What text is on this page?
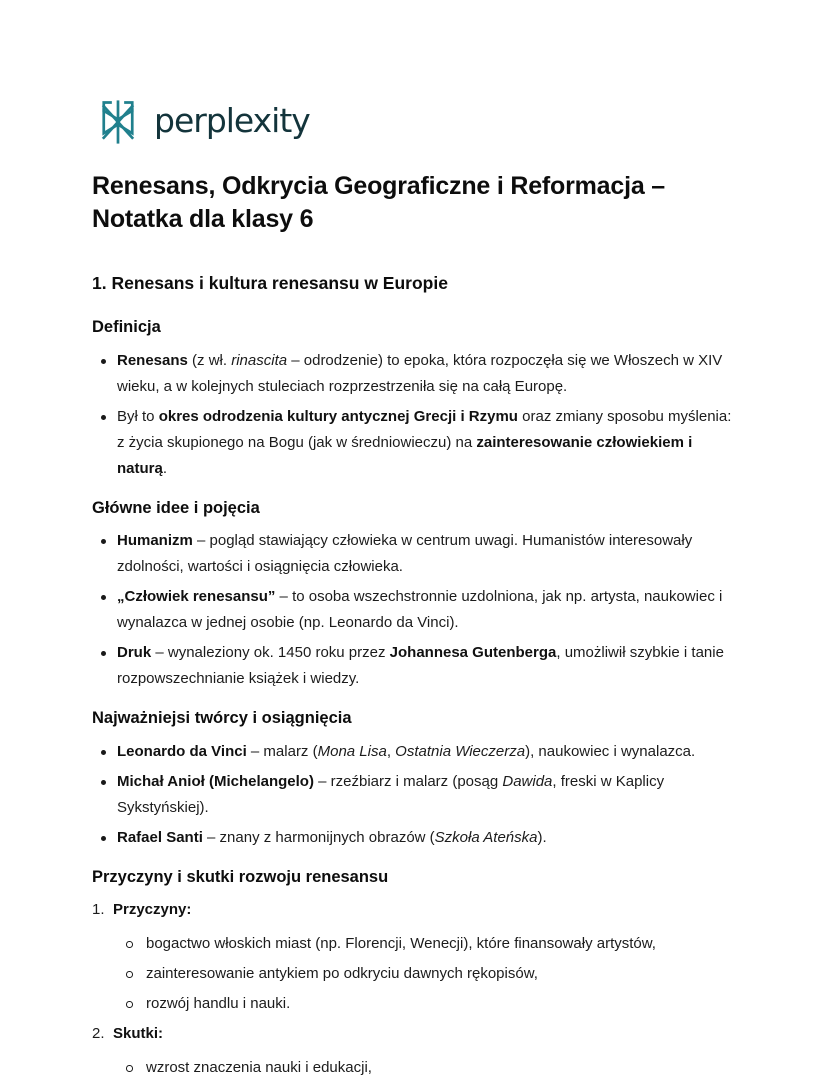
perplexity
Renesans, Odkrycia Geograficzne i Reformacja – Notatka dla klasy 6
1. Renesans i kultura renesansu w Europie
Definicja
Renesans (z wł. rinascita – odrodzenie) to epoka, która rozpoczęła się we Włoszech w XIV wieku, a w kolejnych stuleciach rozprzestrzeniła się na całą Europę.
Był to okres odrodzenia kultury antycznej Grecji i Rzymu oraz zmiany sposobu myślenia: z życia skupionego na Bogu (jak w średniowieczu) na zainteresowanie człowiekiem i naturą.
Główne idee i pojęcia
Humanizm – pogląd stawiający człowieka w centrum uwagi. Humanistów interesowały zdolności, wartości i osiągnięcia człowieka.
„Człowiek renesansu” – to osoba wszechstronnie uzdolniona, jak np. artysta, naukowiec i wynalazca w jednej osobie (np. Leonardo da Vinci).
Druk – wynaleziony ok. 1450 roku przez Johannesa Gutenberga, umożliwił szybkie i tanie rozpowszechnianie książek i wiedzy.
Najważniejsi twórcy i osiągnięcia
Leonardo da Vinci – malarz (Mona Lisa, Ostatnia Wieczerza), naukowiec i wynalazca.
Michał Anioł (Michelangelo) – rzeźbiarz i malarz (posąg Dawida, freski w Kaplicy Sykstyńskiej).
Rafael Santi – znany z harmonijnych obrazów (Szkoła Ateńska).
Przyczyny i skutki rozwoju renesansu
1. Przyczyny:
bogactwo włoskich miast (np. Florencji, Wenecji), które finansowały artystów,
zainteresowanie antykiem po odkryciu dawnych rękopisów,
rozwój handlu i nauki.
2. Skutki:
wzrost znaczenia nauki i edukacji,
